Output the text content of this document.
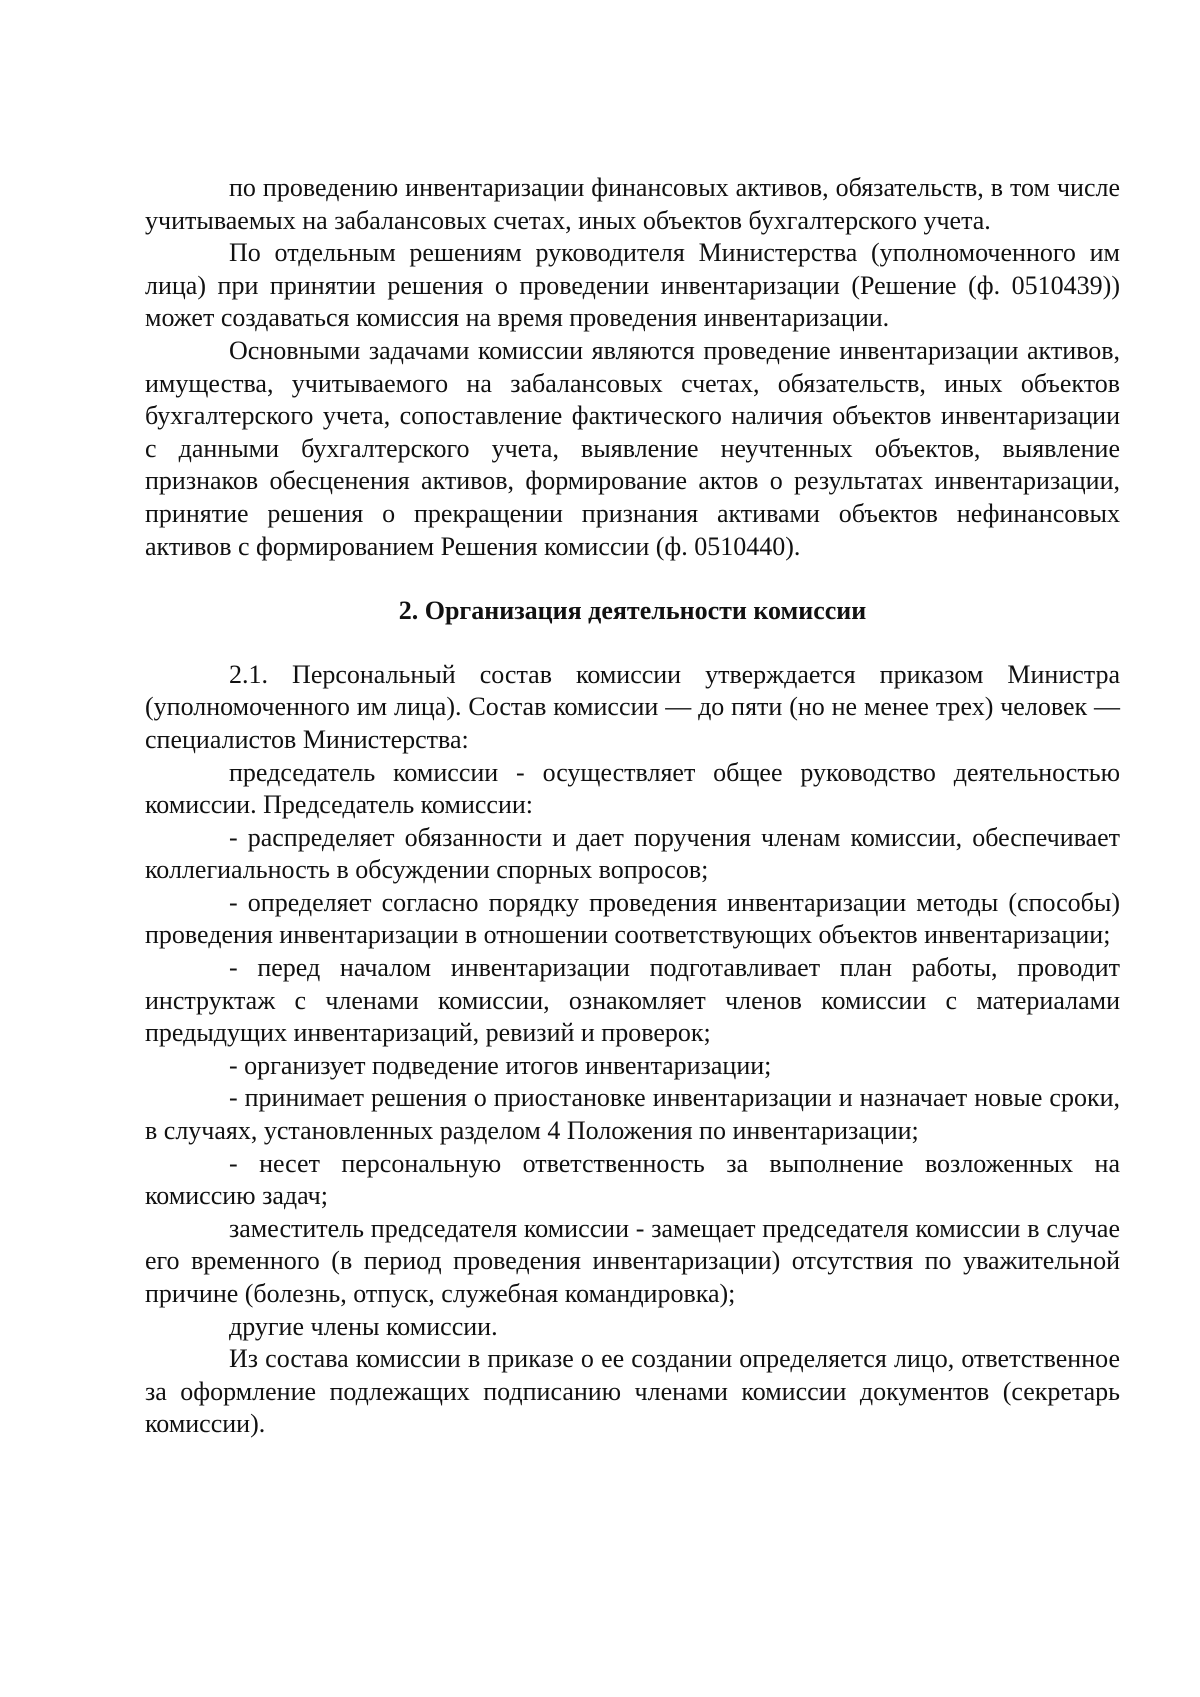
по проведению инвентаризации финансовых активов, обязательств, в том числе учитываемых на забалансовых счетах, иных объектов бухгалтерского учета.

По отдельным решениям руководителя Министерства (уполномоченного им лица) при принятии решения о проведении инвентаризации (Решение (ф. 0510439)) может создаваться комиссия на время проведения инвентаризации.

Основными задачами комиссии являются проведение инвентаризации активов, имущества, учитываемого на забалансовых счетах, обязательств, иных объектов бухгалтерского учета, сопоставление фактического наличия объектов инвентаризации с данными бухгалтерского учета, выявление неучтенных объектов, выявление признаков обесценения активов, формирование актов о результатах инвентаризации, принятие решения о прекращении признания активами объектов нефинансовых активов с формированием Решения комиссии (ф. 0510440).

2. Организация деятельности комиссии

2.1. Персональный состав комиссии утверждается приказом Министра (уполномоченного им лица). Состав комиссии — до пяти (но не менее трех) человек — специалистов Министерства:

председатель комиссии - осуществляет общее руководство деятельностью комиссии. Председатель комиссии:

- распределяет обязанности и дает поручения членам комиссии, обеспечивает коллегиальность в обсуждении спорных вопросов;

- определяет согласно порядку проведения инвентаризации методы (способы) проведения инвентаризации в отношении соответствующих объектов инвентаризации;

- перед началом инвентаризации подготавливает план работы, проводит инструктаж с членами комиссии, ознакомляет членов комиссии с материалами предыдущих инвентаризаций, ревизий и проверок;

- организует подведение итогов инвентаризации;

- принимает решения о приостановке инвентаризации и назначает новые сроки, в случаях, установленных разделом 4 Положения по инвентаризации;

- несет персональную ответственность за выполнение возложенных на комиссию задач;

заместитель председателя комиссии - замещает председателя комиссии в случае его временного (в период проведения инвентаризации) отсутствия по уважительной причине (болезнь, отпуск, служебная командировка);

другие члены комиссии.

Из состава комиссии в приказе о ее создании определяется лицо, ответственное за оформление подлежащих подписанию членами комиссии документов (секретарь комиссии).
